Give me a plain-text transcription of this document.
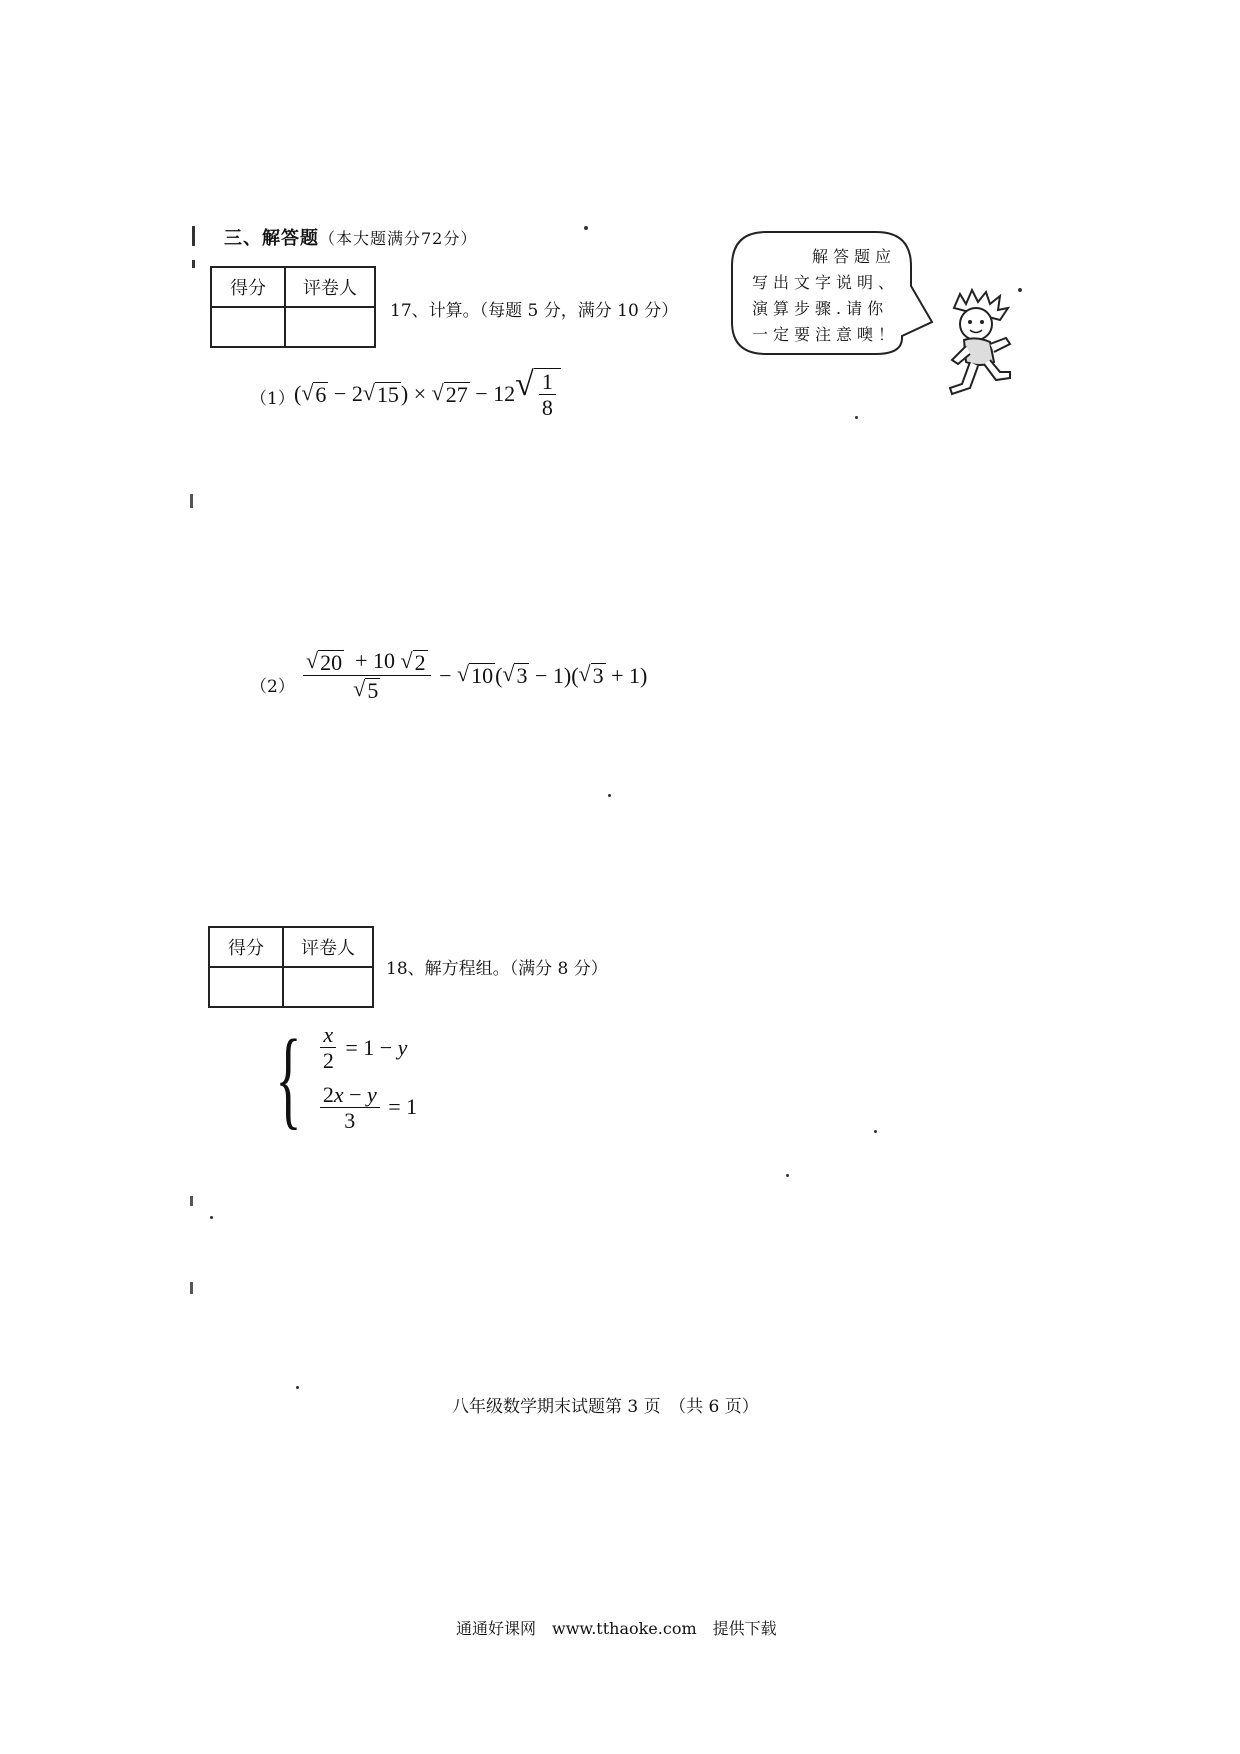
三、解答题（本大题满分72分）
得分	评卷人

17、计算。（每题 5 分，满分 10 分）
解答题应
写出文字说明、
演算步骤.请你
一定要注意噢！
（1） ( √ 6 − 2 √ 15 ) × √ 27 − 12 √ $\frac{1}{8}$
$(2) \frac{√ 20 + 10 √ 2}{√ 5}$ − √ 10 ( √ 3 − 1)( √ 3 + 1)
得分	评卷人

18、解方程组。（满分 8 分）
{ $\frac{x}{2} = 1 - y$
$\frac{2x - y}{3} = 1$
八年级数学期末试题第 3 页　（共 6 页）
通通好课网　www.tthaoke.com　提供下载
